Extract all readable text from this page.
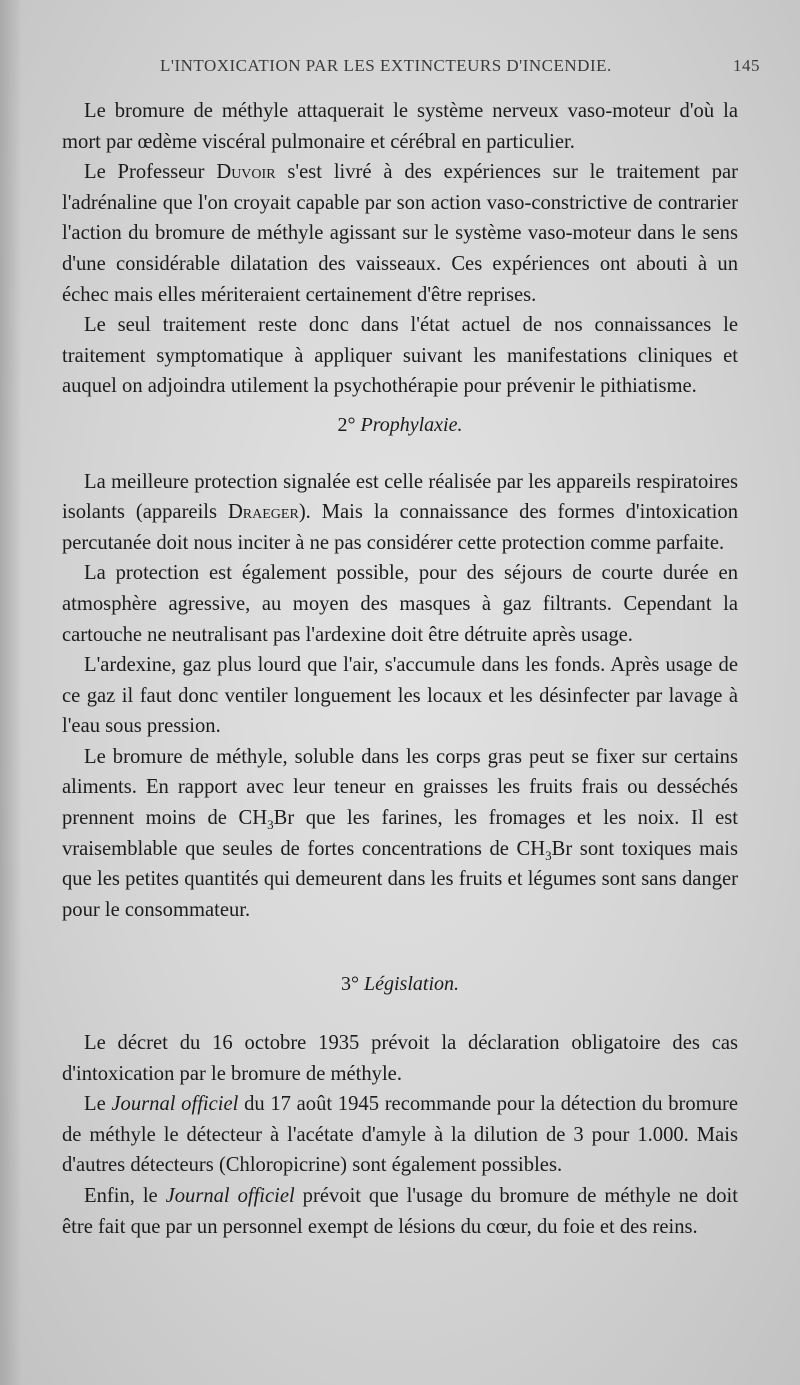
L'INTOXICATION PAR LES EXTINCTEURS D'INCENDIE.	145

Le bromure de méthyle attaquerait le système nerveux vaso-moteur d'où la mort par œdème viscéral pulmonaire et cérébral en particulier.

Le Professeur Duvoir s'est livré à des expériences sur le traitement par l'adrénaline que l'on croyait capable par son action vaso-constrictive de contrarier l'action du bromure de méthyle agissant sur le système vaso-moteur dans le sens d'une considérable dilatation des vaisseaux. Ces expériences ont abouti à un échec mais elles mériteraient certainement d'être reprises.

Le seul traitement reste donc dans l'état actuel de nos connaissances le traitement symptomatique à appliquer suivant les manifestations cliniques et auquel on adjoindra utilement la psychothérapie pour prévenir le pithiatisme.

2° Prophylaxie.

La meilleure protection signalée est celle réalisée par les appareils respiratoires isolants (appareils Draeger). Mais la connaissance des formes d'intoxication percutanée doit nous inciter à ne pas considérer cette protection comme parfaite.

La protection est également possible, pour des séjours de courte durée en atmosphère agressive, au moyen des masques à gaz filtrants. Cependant la cartouche ne neutralisant pas l'ardexine doit être détruite après usage.

L'ardexine, gaz plus lourd que l'air, s'accumule dans les fonds. Après usage de ce gaz il faut donc ventiler longuement les locaux et les désinfecter par lavage à l'eau sous pression.

Le bromure de méthyle, soluble dans les corps gras peut se fixer sur certains aliments. En rapport avec leur teneur en graisses les fruits frais ou desséchés prennent moins de $CH_3Br$ que les farines, les fromages et les noix. Il est vraisemblable que seules de fortes concentrations de $CH_3Br$ sont toxiques mais que les petites quantités qui demeurent dans les fruits et légumes sont sans danger pour le consommateur.

3° Législation.

Le décret du 16 octobre 1935 prévoit la déclaration obligatoire des cas d'intoxication par le bromure de méthyle.

Le Journal officiel du 17 août 1945 recommande pour la détection du bromure de méthyle le détecteur à l'acétate d'amyle à la dilution de 3 pour 1.000. Mais d'autres détecteurs (Chloropicrine) sont également possibles.

Enfin, le Journal officiel prévoit que l'usage du bromure de méthyle ne doit être fait que par un personnel exempt de lésions du cœur, du foie et des reins.
